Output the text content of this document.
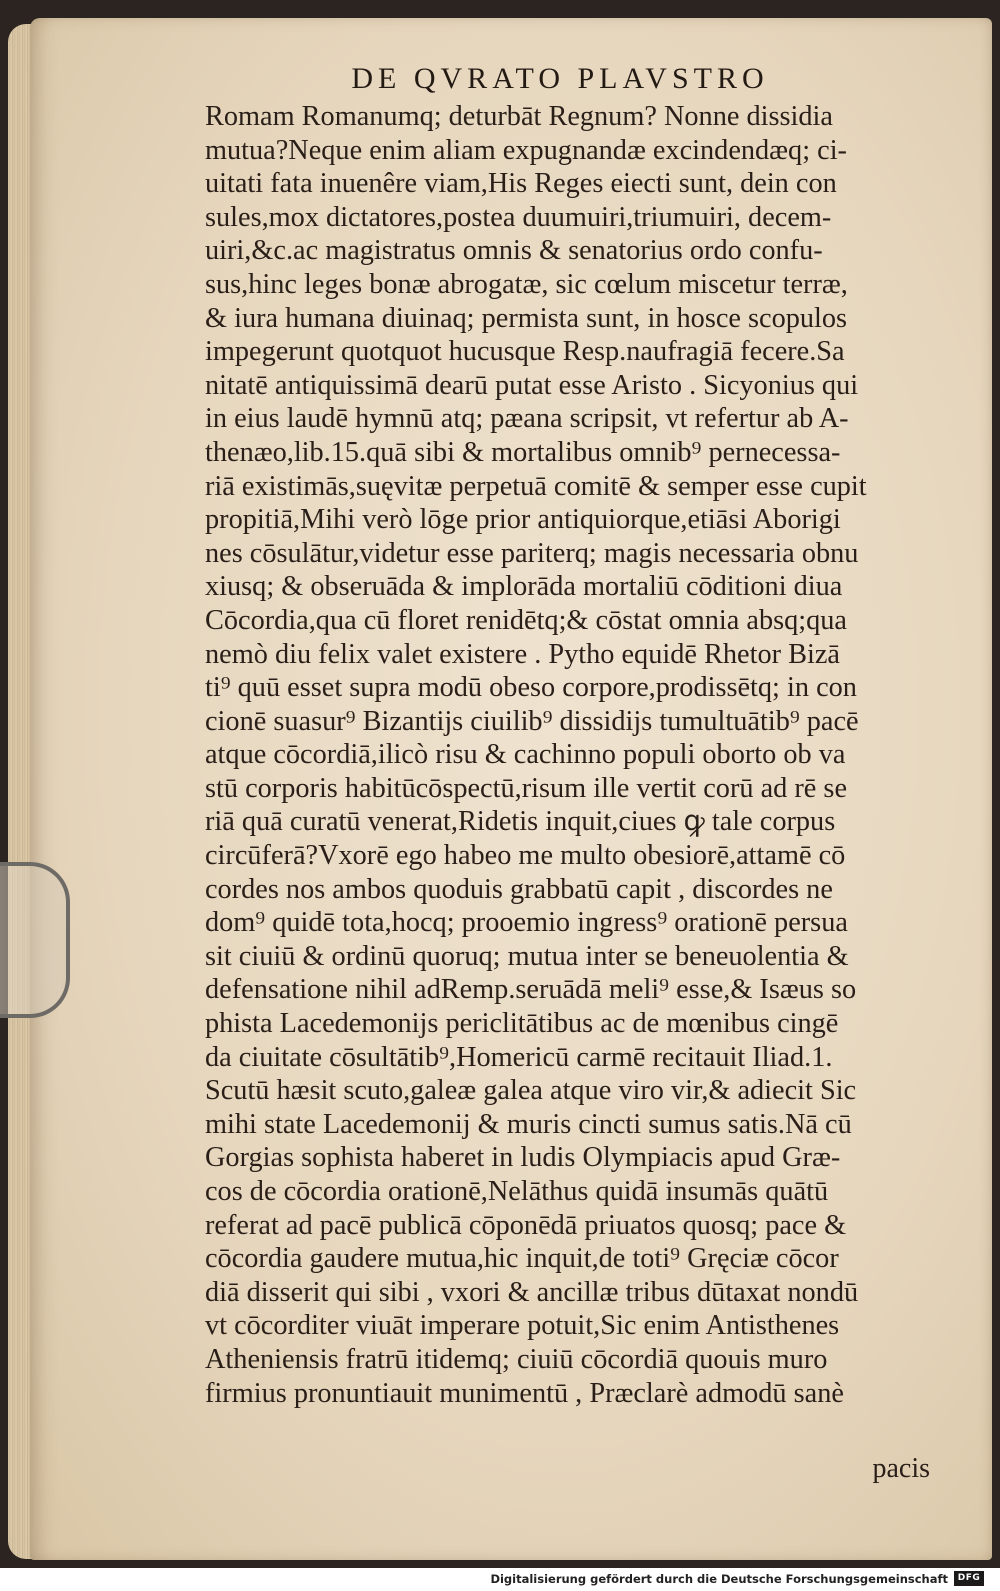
DE QVRATO PLAVSTRO
Romam Romanumq; deturbāt Regnum? Nonne dissidia
mutua?Neque enim aliam expugnandæ excindendæq; ci-
uitati fata inuenêre viam,His Reges eiecti sunt, dein con
sules,mox dictatores,postea duumuiri,triumuiri, decem-
uiri,&c.ac magistratus omnis & senatorius ordo confu-
sus,hinc leges bonæ abrogatæ, sic cœlum miscetur terræ,
& iura humana diuinaq; permista sunt, in hosce scopulos
impegerunt quotquot hucusque Resp.naufragiā fecere.Sa
nitatē antiquissimā dearū putat esse Aristo . Sicyonius qui
in eius laudē hymnū atq; pæana scripsit, vt refertur ab A-
thenæo,lib.15.quā sibi & mortalibus omnib⁹ pernecessa-
riā existimās,suęvitæ perpetuā comitē & semper esse cupit
propitiā,Mihi verò lōge prior antiquiorque,etiāsi Aborigi
nes cōsulātur,videtur esse pariterq; magis necessaria obnu
xiusq; & obseruāda & implorāda mortaliū cōditioni diua
Cōcordia,qua cū floret renidētq;& cōstat omnia absq;qua
nemò diu felix valet existere . Pytho equidē Rhetor Bizā
ti⁹ quū esset supra modū obeso corpore,prodissētq; in con
cionē suasur⁹ Bizantijs ciuilib⁹ dissidijs tumultuātib⁹ pacē
atque cōcordiā,ilicò risu & cachinno populi oborto ob va
stū corporis habitūcōspectū,risum ille vertit corū ad rē se
riā quā curatū venerat,Ridetis inquit,ciues ꝙ tale corpus
circūferā?Vxorē ego habeo me multo obesiorē,attamē cō
cordes nos ambos quoduis grabbatū capit , discordes ne
dom⁹ quidē tota,hocq; prooemio ingress⁹ orationē persua
sit ciuiū & ordinū quoruq; mutua inter se beneuolentia &
defensatione nihil adRemp.seruādā meli⁹ esse,& Isæus so
phista Lacedemonijs periclitātibus ac de mœnibus cingē
da ciuitate cōsultātib⁹,Homericū carmē recitauit Iliad.1.
Scutū hæsit scuto,galeæ galea atque viro vir,& adiecit Sic
mihi state Lacedemonij & muris cincti sumus satis.Nā cū
Gorgias sophista haberet in ludis Olympiacis apud Græ-
cos de cōcordia orationē,Nelāthus quidā insumās quātū
referat ad pacē publicā cōponēdā priuatos quosq; pace &
cōcordia gaudere mutua,hic inquit,de toti⁹ Gręciæ cōcor
diā disserit qui sibi , vxori & ancillæ tribus dūtaxat nondū
vt cōcorditer viuāt imperare potuit,Sic enim Antisthenes
Atheniensis fratrū itidemq; ciuiū cōcordiā quouis muro
firmius pronuntiauit munimentū , Præclarè admodū sanè
pacis
Digitalisierung gefördert durch die Deutsche Forschungsgemeinschaft	DFG
